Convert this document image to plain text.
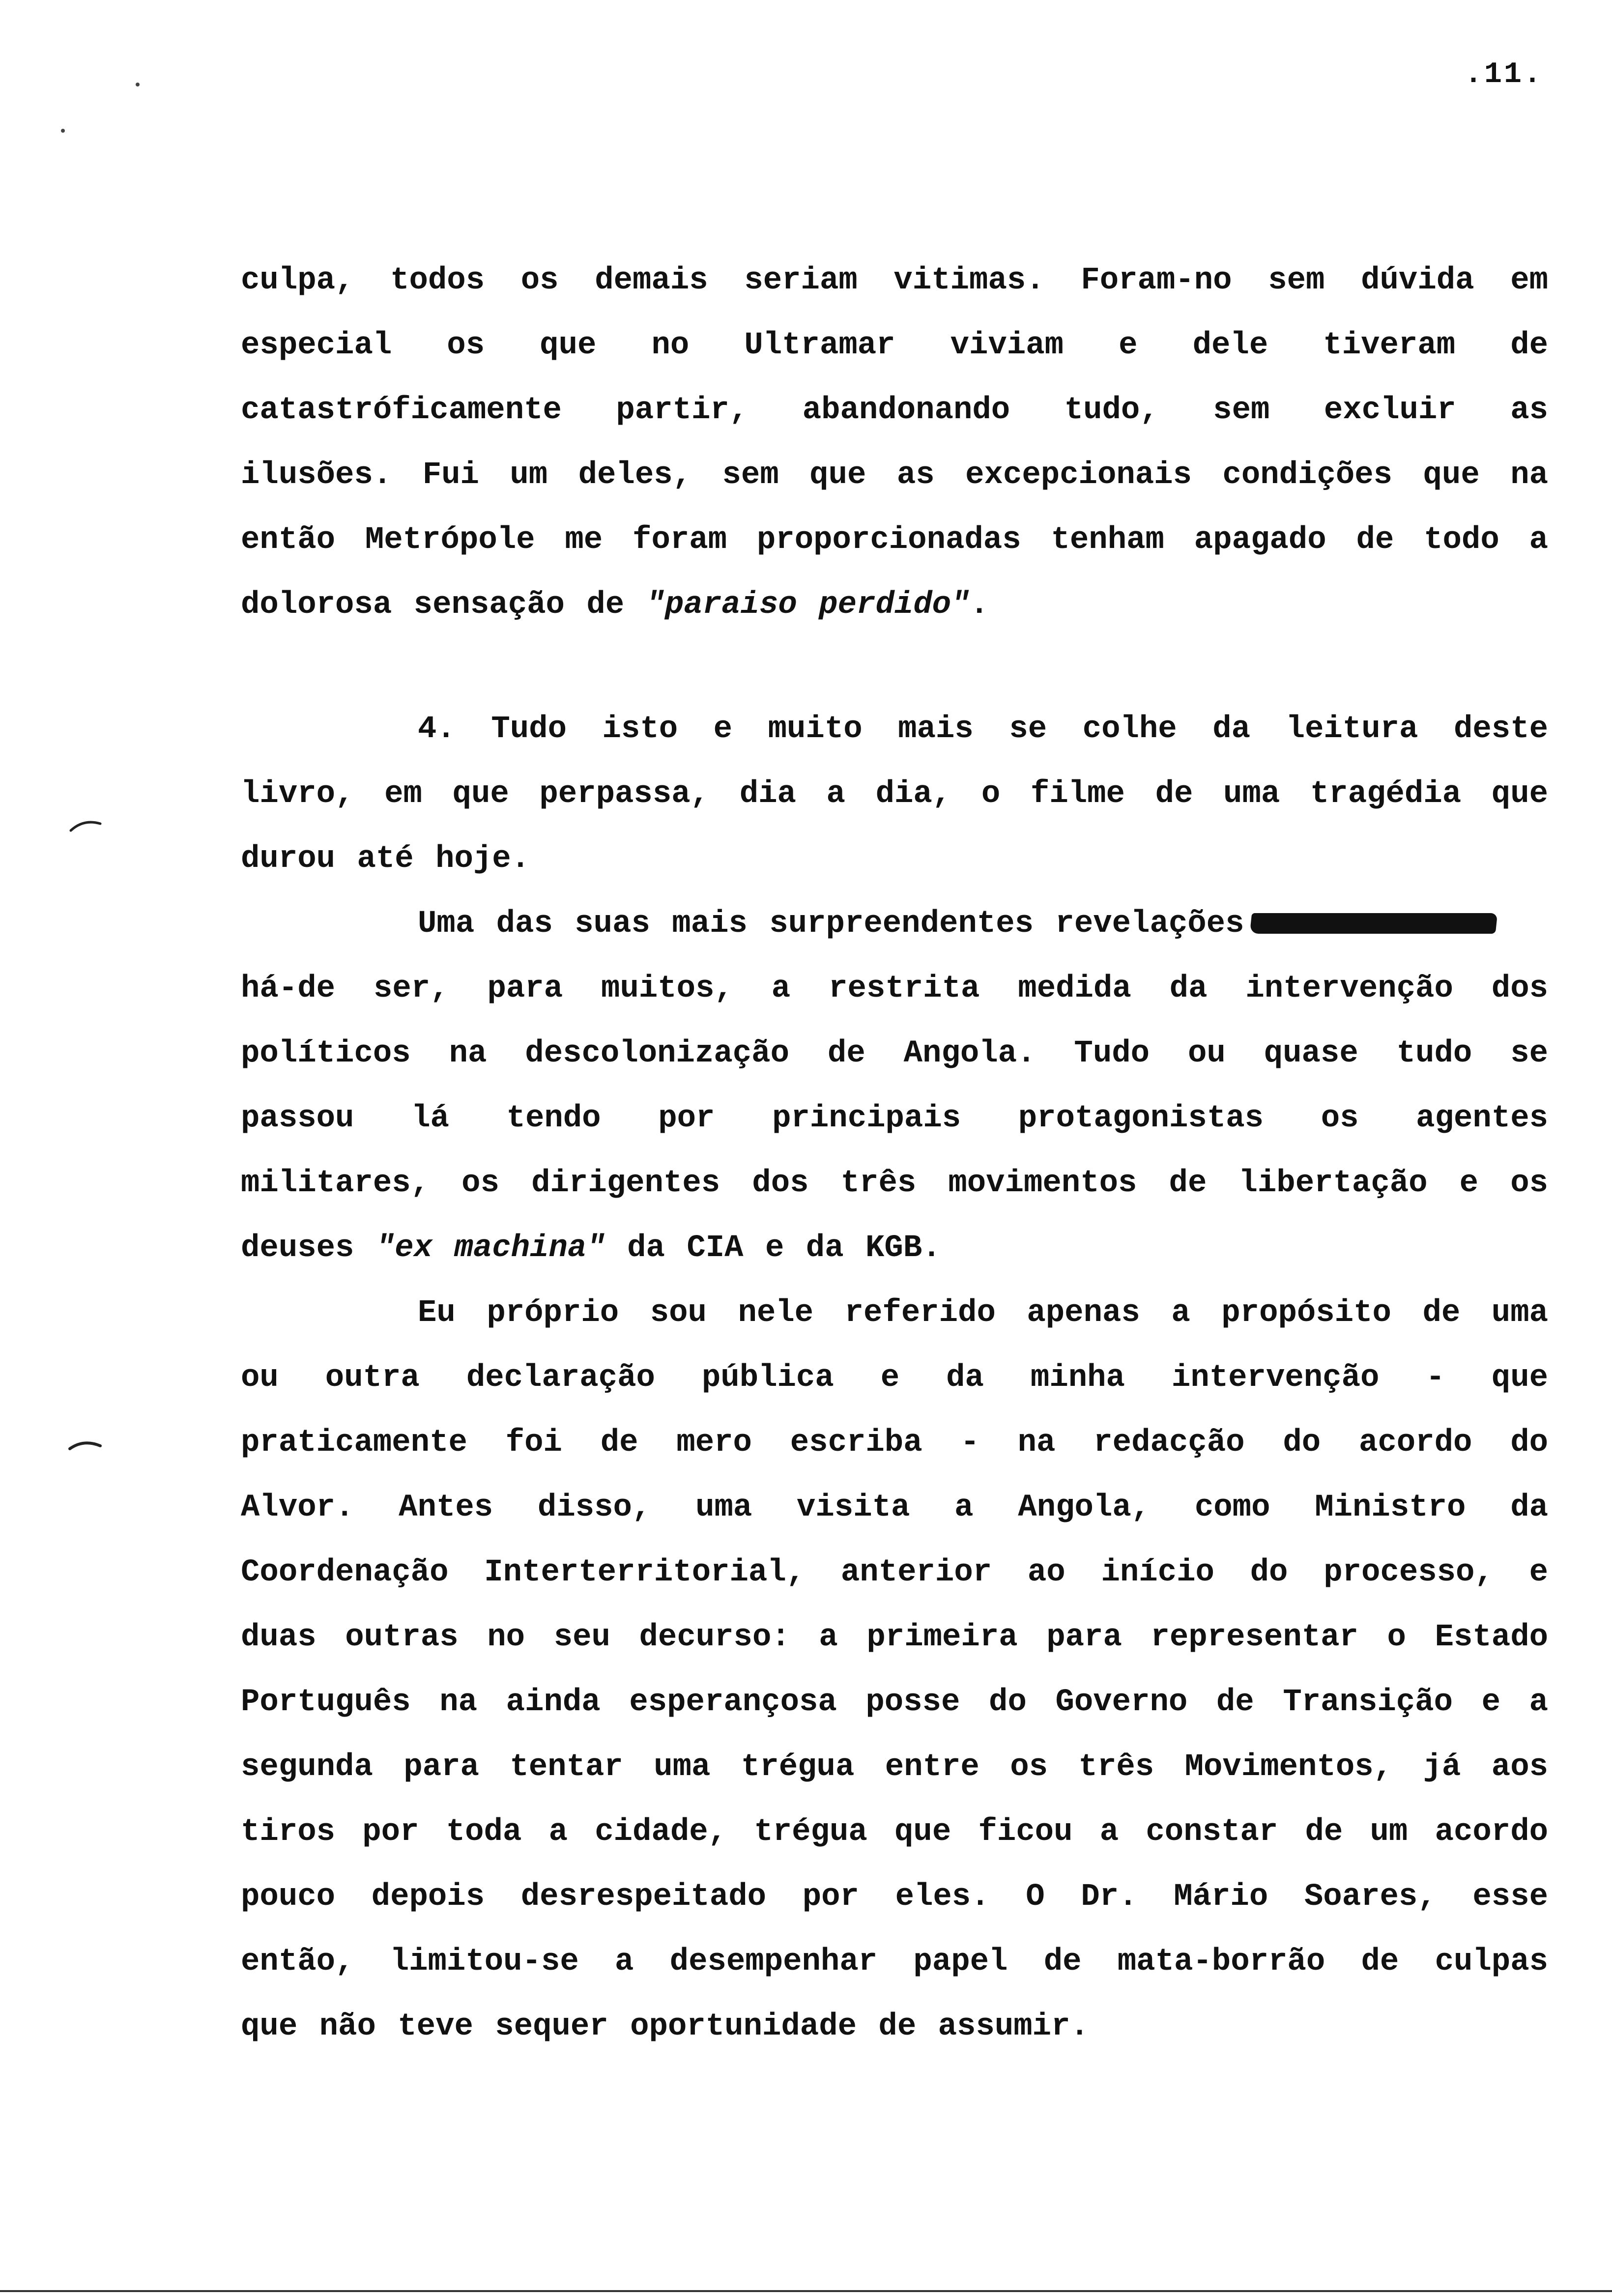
.11.
culpa, todos os demais seriam vitimas. Foram-no sem dúvida em
especial os que no Ultramar viviam e dele tiveram de
catastróficamente partir, abandonando tudo, sem excluir as
ilusões. Fui um deles, sem que as excepcionais condições que na
então Metrópole me foram proporcionadas tenham apagado de todo a
dolorosa sensação de "paraiso perdido".
4. Tudo isto e muito mais se colhe da leitura deste
livro, em que perpassa, dia a dia, o filme de uma tragédia que
durou até hoje.
Uma das suas mais surpreendentes revelações
há-de ser, para muitos, a restrita medida da intervenção dos
políticos na descolonização de Angola. Tudo ou quase tudo se
passou lá tendo por principais protagonistas os agentes
militares, os dirigentes dos três movimentos de libertação e os
deuses "ex machina" da CIA e da KGB.
Eu próprio sou nele referido apenas a propósito de uma
ou outra declaração pública e da minha intervenção - que
praticamente foi de mero escriba - na redacção do acordo do
Alvor. Antes disso, uma visita a Angola, como Ministro da
Coordenação Interterritorial, anterior ao início do processo, e
duas outras no seu decurso: a primeira para representar o Estado
Português na ainda esperançosa posse do Governo de Transição e a
segunda para tentar uma trégua entre os três Movimentos, já aos
tiros por toda a cidade, trégua que ficou a constar de um acordo
pouco depois desrespeitado por eles. O Dr. Mário Soares, esse
então, limitou-se a desempenhar papel de mata-borrão de culpas
que não teve sequer oportunidade de assumir.
